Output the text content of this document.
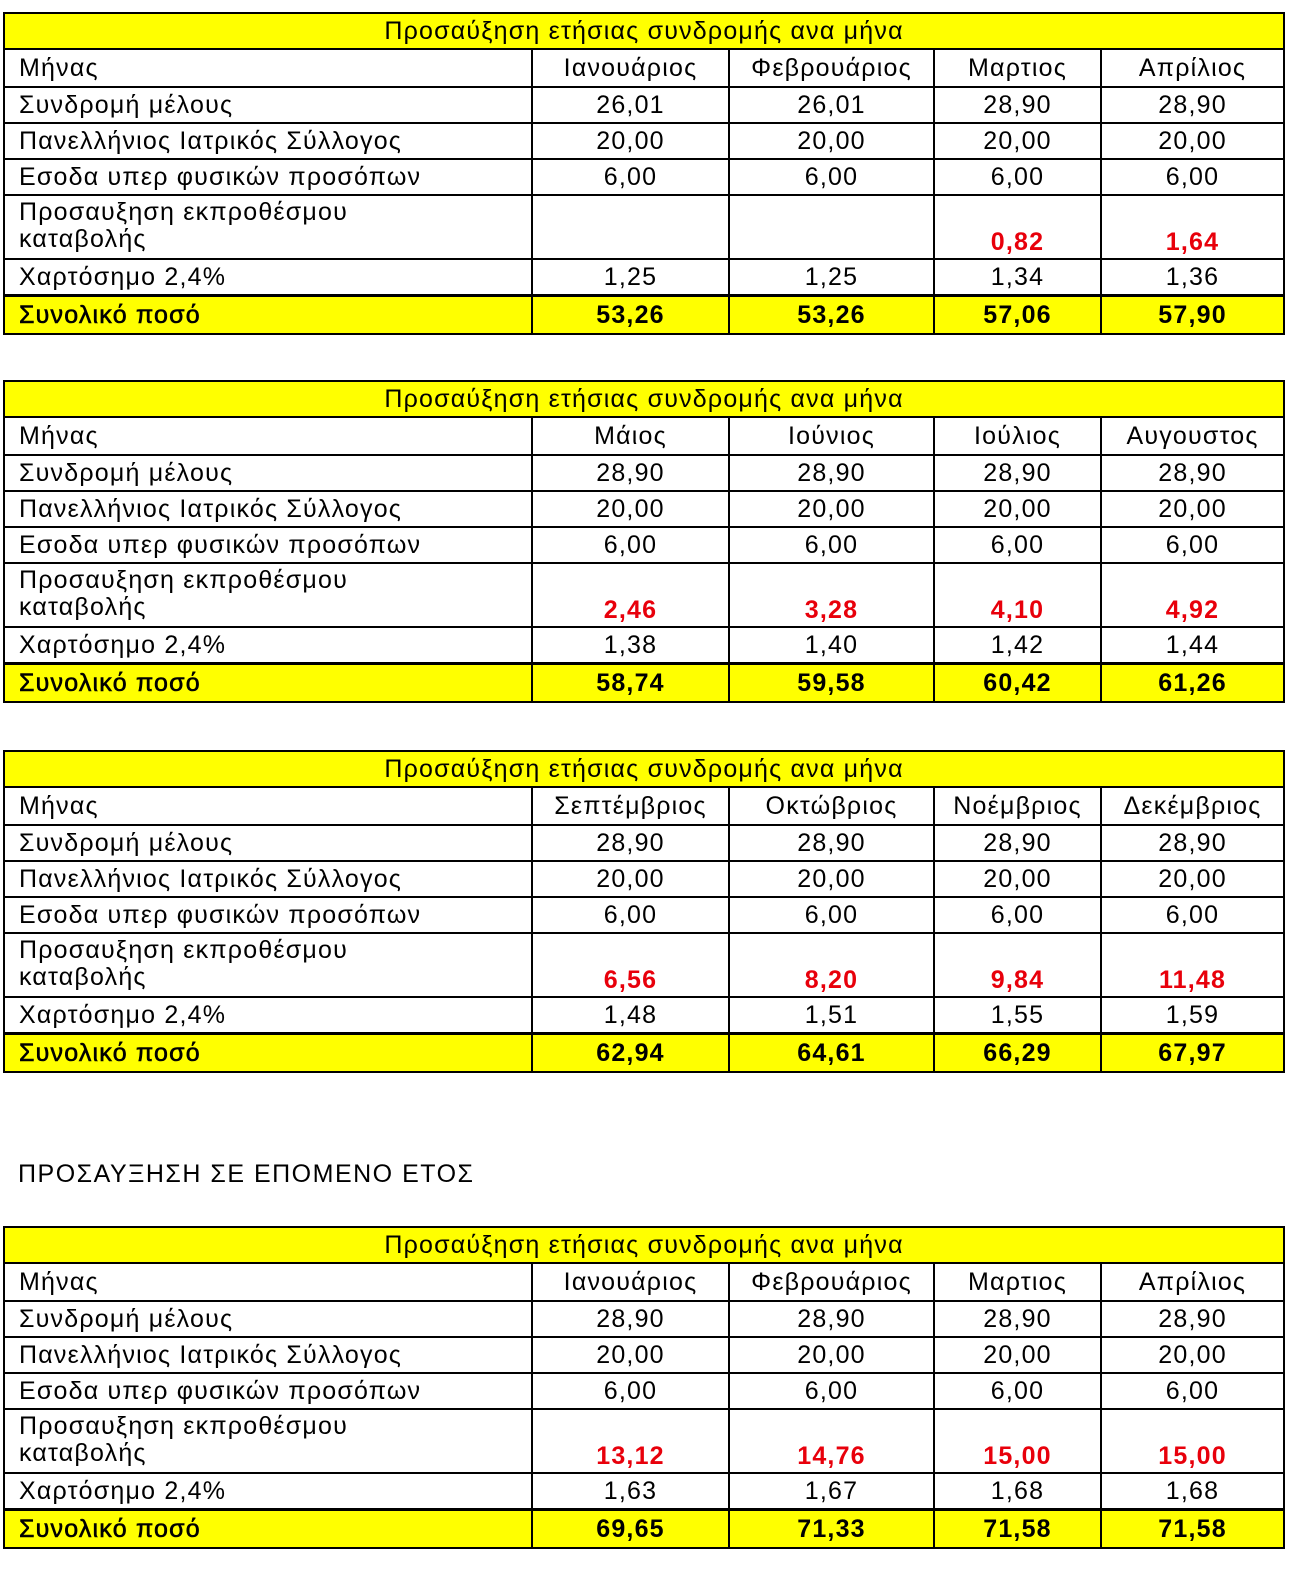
Προσαύξηση ετήσιας συνδρομής ανα μήνα				
Μήνας	Ιανουάριος	Φεβρουάριος	Μαρτιος	Απρίλιος
Συνδρομή μέλους	26,01	26,01	28,90	28,90
Πανελλήνιος Ιατρικός Σύλλογος	20,00	20,00	20,00	20,00
Εσοδα υπερ φυσικών προσόπων	6,00	6,00	6,00	6,00
Προσαυξηση εκπροθέσμου
καταβολής			0,82	1,64
Χαρτόσημο 2,4%	1,25	1,25	1,34	1,36
Συνολικό ποσό	53,26	53,26	57,06	57,90
Προσαύξηση ετήσιας συνδρομής ανα μήνα				
Μήνας	Μάιος	Ιούνιος	Ιούλιος	Αυγουστος
Συνδρομή μέλους	28,90	28,90	28,90	28,90
Πανελλήνιος Ιατρικός Σύλλογος	20,00	20,00	20,00	20,00
Εσοδα υπερ φυσικών προσόπων	6,00	6,00	6,00	6,00
Προσαυξηση εκπροθέσμου
καταβολής	2,46	3,28	4,10	4,92
Χαρτόσημο 2,4%	1,38	1,40	1,42	1,44
Συνολικό ποσό	58,74	59,58	60,42	61,26
Προσαύξηση ετήσιας συνδρομής ανα μήνα				
Μήνας	Σεπτέμβριος	Οκτώβριος	Νοέμβριος	Δεκέμβριος
Συνδρομή μέλους	28,90	28,90	28,90	28,90
Πανελλήνιος Ιατρικός Σύλλογος	20,00	20,00	20,00	20,00
Εσοδα υπερ φυσικών προσόπων	6,00	6,00	6,00	6,00
Προσαυξηση εκπροθέσμου
καταβολής	6,56	8,20	9,84	11,48
Χαρτόσημο 2,4%	1,48	1,51	1,55	1,59
Συνολικό ποσό	62,94	64,61	66,29	67,97
Προσαύξηση ετήσιας συνδρομής ανα μήνα				
Μήνας	Ιανουάριος	Φεβρουάριος	Μαρτιος	Απρίλιος
Συνδρομή μέλους	28,90	28,90	28,90	28,90
Πανελλήνιος Ιατρικός Σύλλογος	20,00	20,00	20,00	20,00
Εσοδα υπερ φυσικών προσόπων	6,00	6,00	6,00	6,00
Προσαυξηση εκπροθέσμου
καταβολής	13,12	14,76	15,00	15,00
Χαρτόσημο 2,4%	1,63	1,67	1,68	1,68
Συνολικό ποσό	69,65	71,33	71,58	71,58
ΠΡΟΣΑΥΞΗΣΗ ΣΕ ΕΠΟΜΕΝΟ ΕΤΟΣ
